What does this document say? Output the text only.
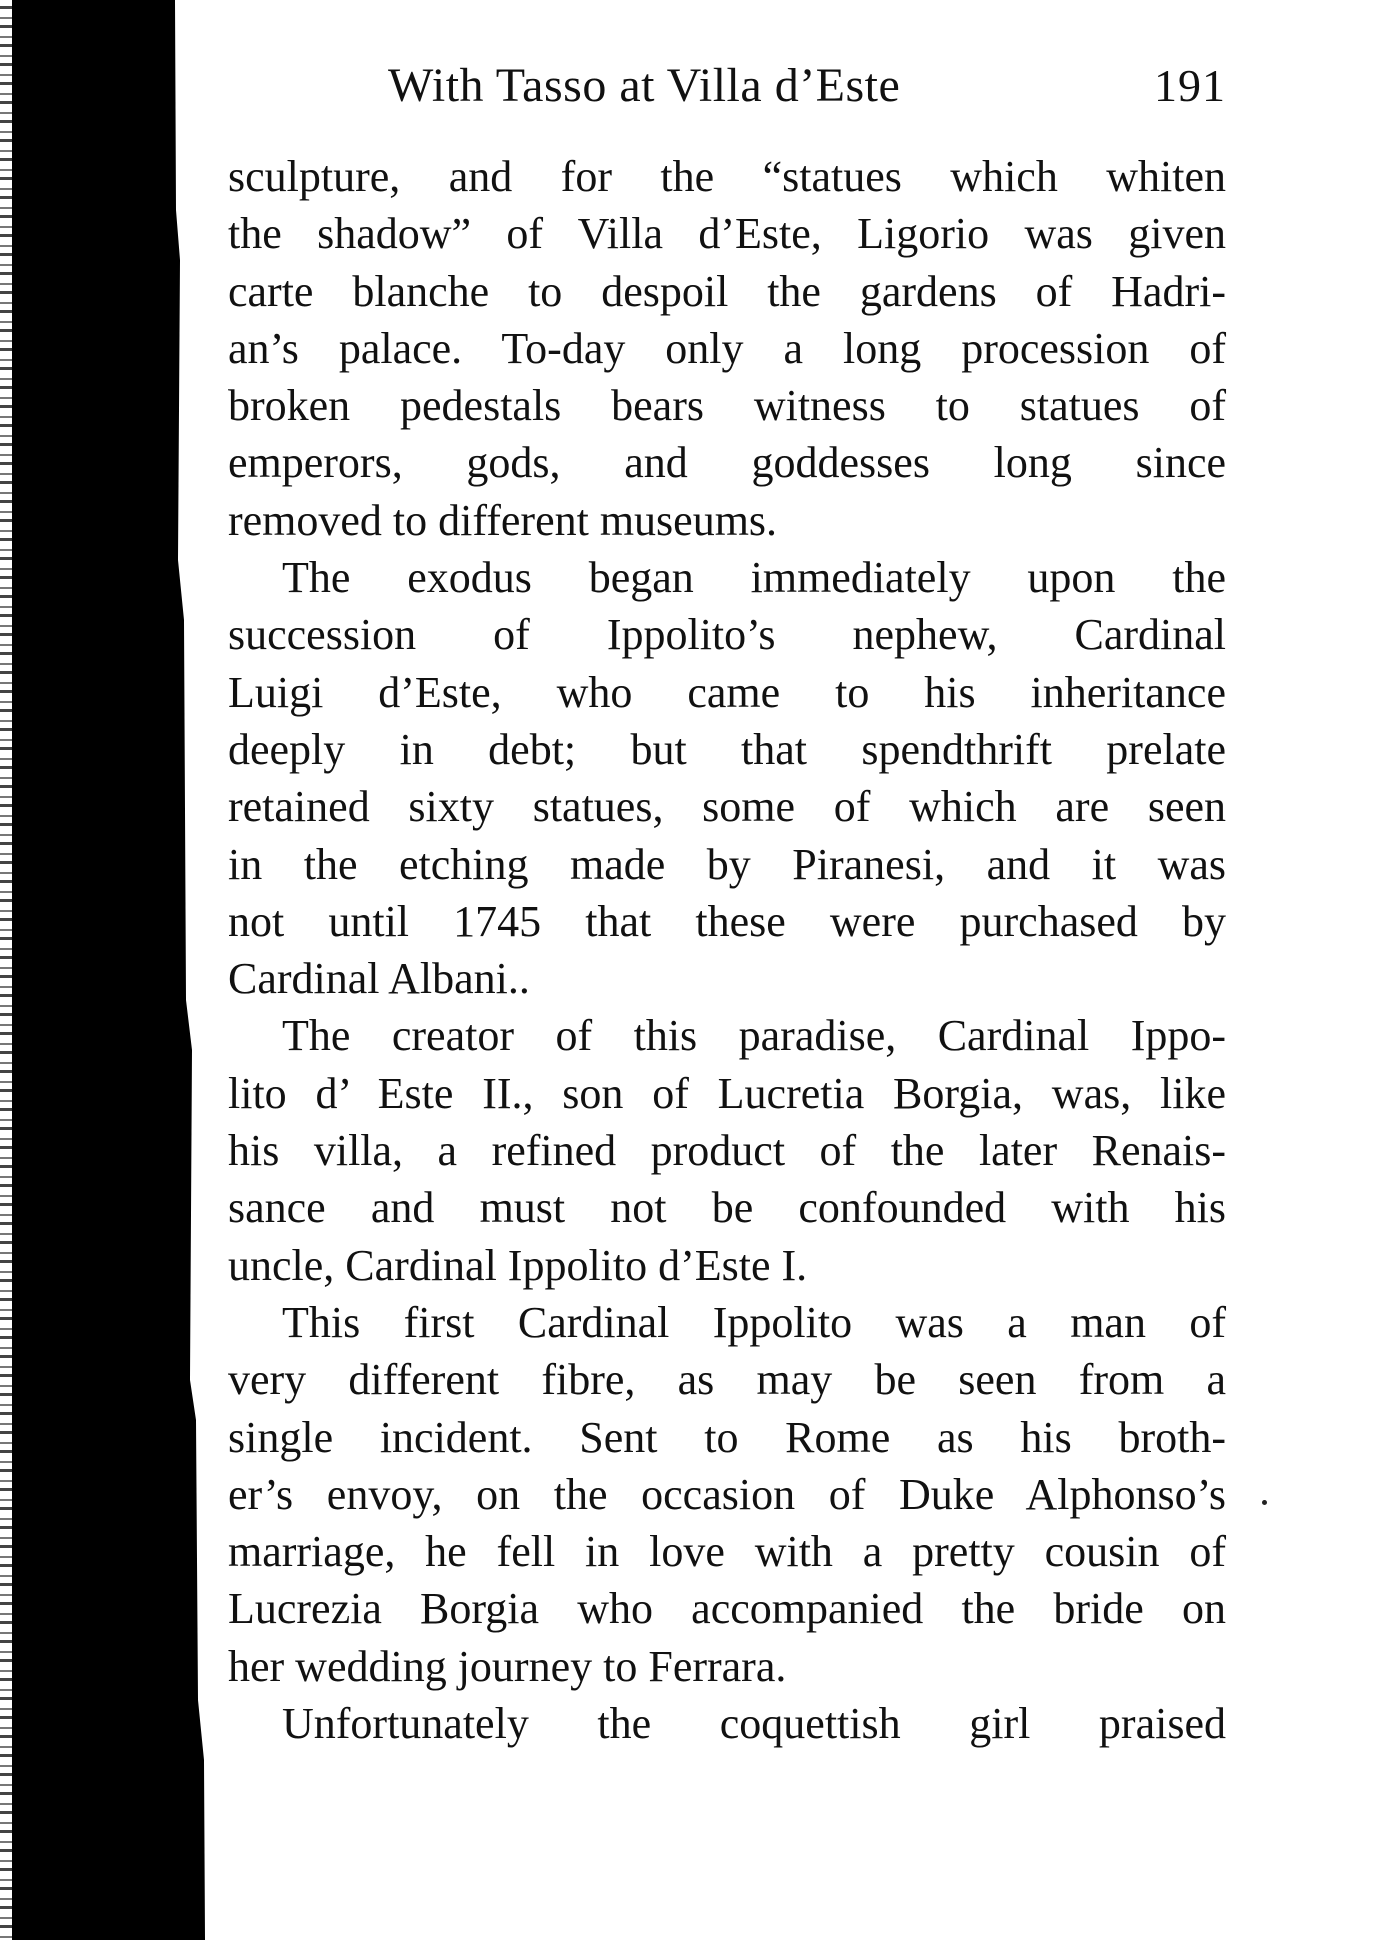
With Tasso at Villa d’Este	191

sculpture, and for the “statues which whiten
the shadow” of Villa d’Este, Ligorio was given
carte blanche to despoil the gardens of Hadri-
an’s palace. To-day only a long procession of
broken pedestals bears witness to statues of
emperors, gods, and goddesses long since
removed to different museums.

The exodus began immediately upon the
succession of Ippolito’s nephew, Cardinal
Luigi d’Este, who came to his inheritance
deeply in debt; but that spendthrift prelate
retained sixty statues, some of which are seen
in the etching made by Piranesi, and it was
not until 1745 that these were purchased by
Cardinal Albani..

The creator of this paradise, Cardinal Ippo-
lito d’ Este II., son of Lucretia Borgia, was, like
his villa, a refined product of the later Renais-
sance and must not be confounded with his
uncle, Cardinal Ippolito d’Este I.

This first Cardinal Ippolito was a man of
very different fibre, as may be seen from a
single incident. Sent to Rome as his broth-
er’s envoy, on the occasion of Duke Alphonso’s
marriage, he fell in love with a pretty cousin of
Lucrezia Borgia who accompanied the bride on
her wedding journey to Ferrara.

Unfortunately the coquettish girl praised
